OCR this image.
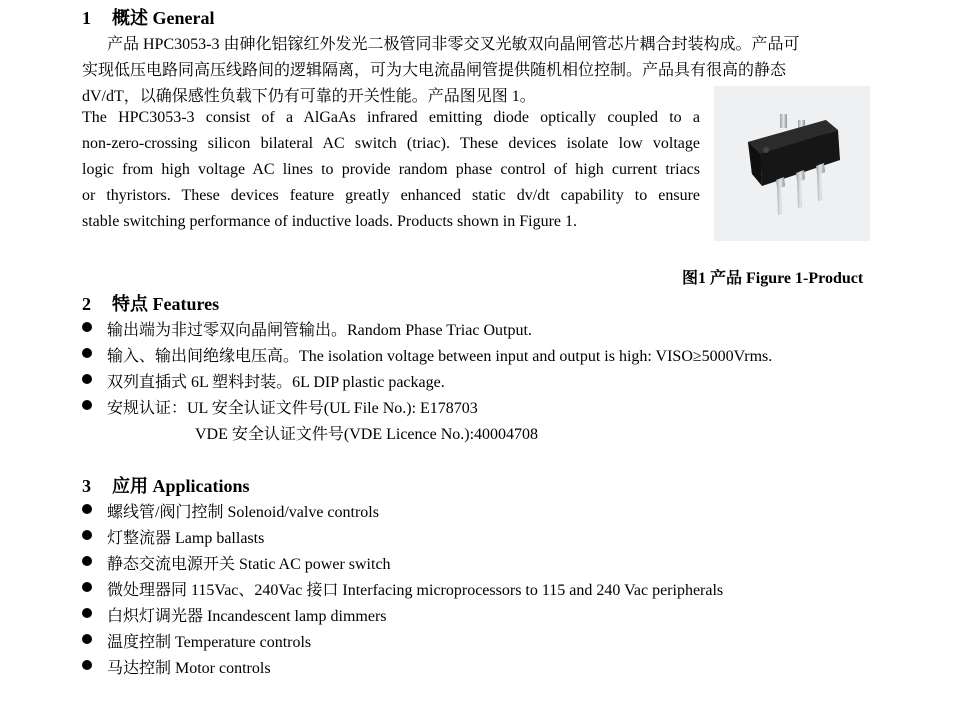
1 概述 General
产品 HPC3053-3 由砷化铝镓红外发光二极管同非零交叉光敏双向晶闸管芯片耦合封装构成。产品可
实现低压电路同高压线路间的逻辑隔离，可为大电流晶闸管提供随机相位控制。产品具有很高的静态
dV/dT，以确保感性负载下仍有可靠的开关性能。产品图见图 1。
The HPC3053-3 consist of a AlGaAs infrared emitting diode optically coupled to a
non-zero-crossing silicon bilateral AC switch (triac). These devices isolate low voltage
logic from high voltage AC lines to provide random phase control of high current triacs
or thyristors. These devices feature greatly enhanced static dv/dt capability to ensure
stable switching performance of inductive loads. Products shown in Figure 1.
图1 产品 Figure 1-Product
2 特点 Features
输出端为非过零双向晶闸管输出。Random Phase Triac Output.
输入、输出间绝缘电压高。The isolation voltage between input and output is high: VISO≥5000Vrms.
双列直插式 6L 塑料封装。6L DIP plastic package.
安规认证：UL 安全认证文件号(UL File No.): E178703
VDE 安全认证文件号(VDE Licence No.):40004708
3 应用 Applications
螺线管/阀门控制 Solenoid/valve controls
灯整流器 Lamp ballasts
静态交流电源开关 Static AC power switch
微处理器同 115Vac、240Vac 接口 Interfacing microprocessors to 115 and 240 Vac peripherals
白炽灯调光器 Incandescent lamp dimmers
温度控制 Temperature controls
马达控制 Motor controls
